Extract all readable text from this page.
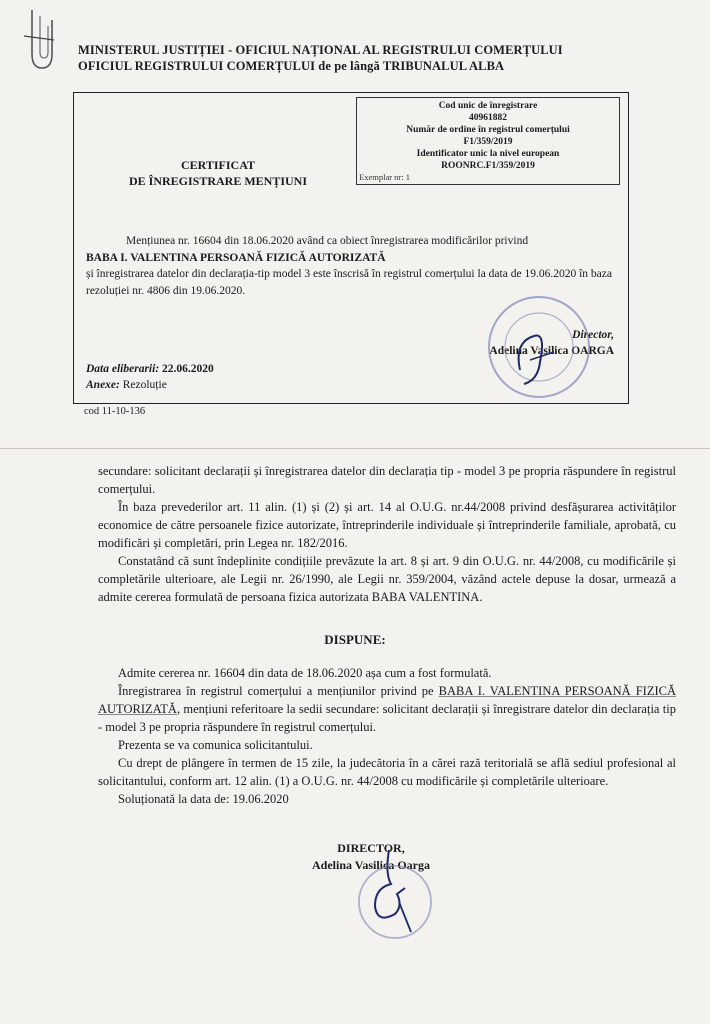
MINISTERUL JUSTIȚIEI - OFICIUL NAȚIONAL AL REGISTRULUI COMERȚULUI
OFICIUL REGISTRULUI COMERȚULUI de pe lângă TRIBUNALUL ALBA
Cod unic de înregistrare
40961882
Număr de ordine în registrul comerțului
F1/359/2019
Identificator unic la nivel european
ROONRC.F1/359/2019
Exemplar nr: 1
CERTIFICAT
DE ÎNREGISTRARE MENȚIUNI
Mențiunea nr. 16604 din 18.06.2020 având ca obiect înregistrarea modificărilor privind
BABA I. VALENTINA PERSOANĂ FIZICĂ AUTORIZATĂ
și înregistrarea datelor din declarația-tip model 3 este înscrisă în registrul comerțului la data de 19.06.2020 în baza rezoluției nr. 4806 din 19.06.2020.
Director,
Adelina Vasilica OARGA
Data eliberarii: 22.06.2020
Anexe: Rezoluție
cod 11-10-136

secundare: solicitant declarații și înregistrarea datelor din declarația tip - model 3 pe propria răspundere în registrul comerțului.

În baza prevederilor art. 11 alin. (1) și (2) și art. 14 al O.U.G. nr.44/2008 privind desfășurarea activităților economice de către persoanele fizice autorizate, întreprinderile individuale și întreprinderile familiale, aprobată, cu modificări și completări, prin Legea nr. 182/2016.

Constatând că sunt îndeplinite condițiile prevăzute la art. 8 și art. 9 din O.U.G. nr. 44/2008, cu modificările și completările ulterioare, ale Legii nr. 26/1990, ale Legii nr. 359/2004, văzând actele depuse la dosar, urmează a admite cererea formulată de persoana fizica autorizata BABA VALENTINA.

DISPUNE:

Admite cererea nr. 16604 din data de 18.06.2020 așa cum a fost formulată.

Înregistrarea în registrul comerțului a mențiunilor privind pe BABA I. VALENTINA PERSOANĂ FIZICĂ AUTORIZATĂ, mențiuni referitoare la sedii secundare: solicitant declarații și înregistrare datelor din declarația tip - model 3 pe propria răspundere în registrul comerțului.

Prezenta se va comunica solicitantului.

Cu drept de plângere în termen de 15 zile, la judecătoria în a cărei rază teritorială se află sediul profesional al solicitantului, conform art. 12 alin. (1) a O.U.G. nr. 44/2008 cu modificările și completările ulterioare.

Soluționată la data de: 19.06.2020

DIRECTOR,
Adelina Vasilica Oarga
